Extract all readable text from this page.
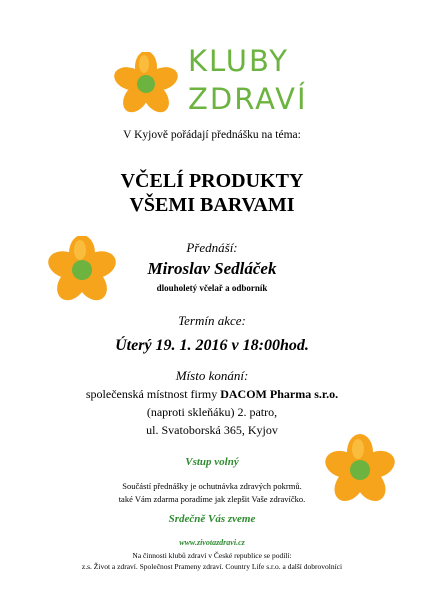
KLUBY
ZDRAVÍ
V Kyjově pořádají přednášku na téma:
VČELÍ PRODUKTY
VŠEMI BARVAMI
Přednáší:
Miroslav Sedláček
dlouholetý včelař a odborník
Termín akce:
Úterý 19. 1. 2016 v 18:00hod.
Místo konání:
společenská místnost firmy DACOM Pharma s.r.o.
(naproti skleňáku) 2. patro,
ul. Svatoborská 365, Kyjov
Vstup volný
Součástí přednášky je ochutnávka zdravých pokrmů.
také Vám zdarma poradíme jak zlepšit Vaše zdravíčko.
Srdečně Vás zveme
www.zivotazdravi.cz
Na činnosti klubů zdraví v České republice se podílí:
z.s. Život a zdraví. Společnost Prameny zdraví. Country Life s.r.o. a další dobrovolníci
